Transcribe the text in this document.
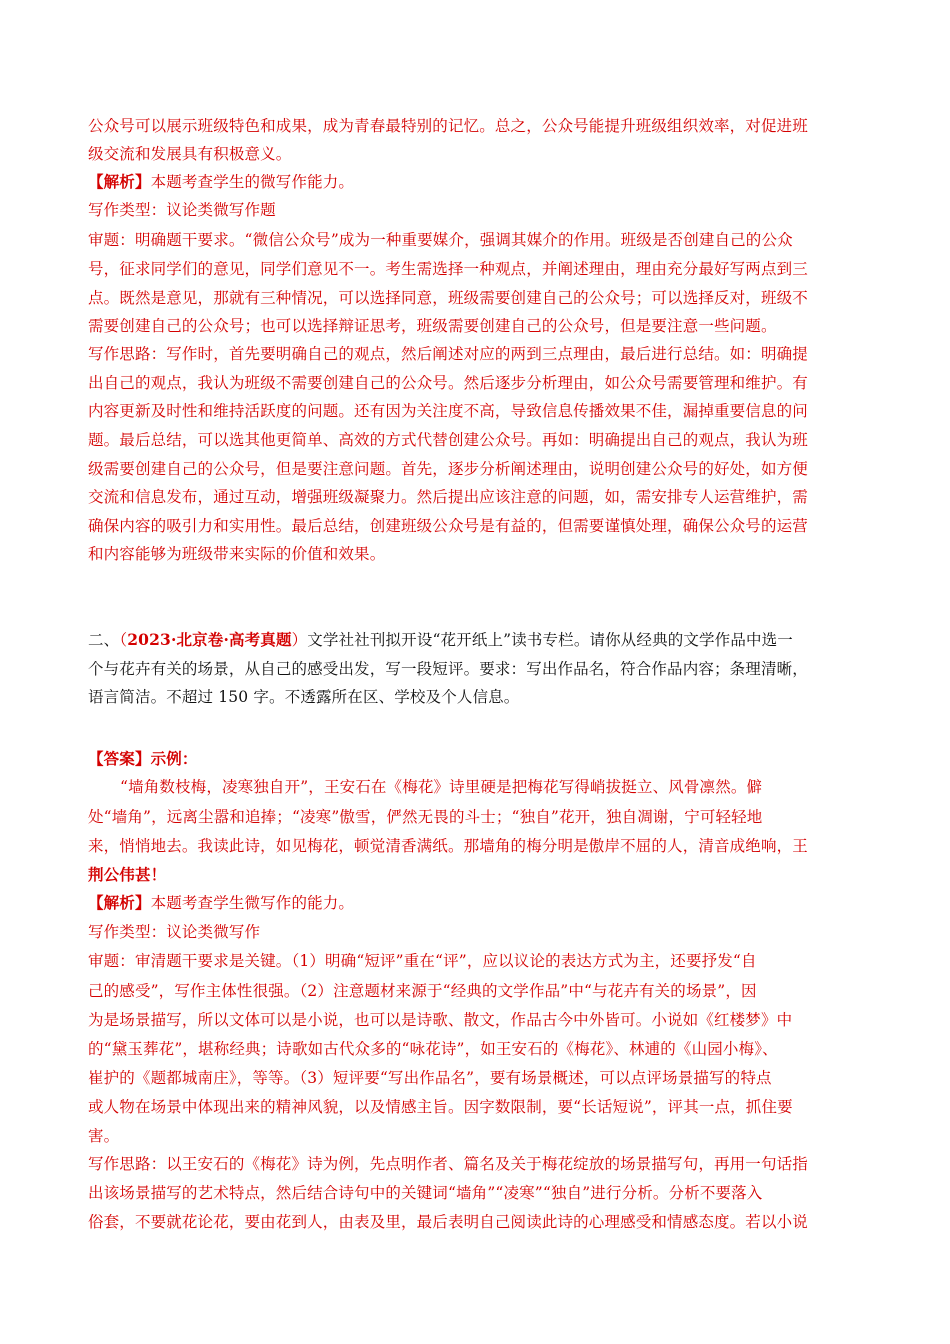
公众号可以展示班级特色和成果，成为青春最特别的记忆。总之，公众号能提升班级组织效率，对促进班
级交流和发展具有积极意义。
【解析】本题考查学生的微写作能力。
写作类型：议论类微写作题
审题：明确题干要求。“微信公众号”成为一种重要媒介，强调其媒介的作用。班级是否创建自己的公众
号，征求同学们的意见，同学们意见不一。考生需选择一种观点，并阐述理由，理由充分最好写两点到三
点。既然是意见，那就有三种情况，可以选择同意，班级需要创建自己的公众号；可以选择反对，班级不
需要创建自己的公众号；也可以选择辩证思考，班级需要创建自己的公众号，但是要注意一些问题。
写作思路：写作时，首先要明确自己的观点，然后阐述对应的两到三点理由，最后进行总结。如：明确提
出自己的观点，我认为班级不需要创建自己的公众号。然后逐步分析理由，如公众号需要管理和维护。有
内容更新及时性和维持活跃度的问题。还有因为关注度不高，导致信息传播效果不佳，漏掉重要信息的问
题。最后总结，可以选其他更简单、高效的方式代替创建公众号。再如：明确提出自己的观点，我认为班
级需要创建自己的公众号，但是要注意问题。首先，逐步分析阐述理由，说明创建公众号的好处，如方便
交流和信息发布，通过互动，增强班级凝聚力。然后提出应该注意的问题，如，需安排专人运营维护，需
确保内容的吸引力和实用性。最后总结，创建班级公众号是有益的，但需要谨慎处理，确保公众号的运营
和内容能够为班级带来实际的价值和效果。
二、（2023·北京卷·高考真题）文学社社刊拟开设“花开纸上”读书专栏。请你从经典的文学作品中选一
个与花卉有关的场景，从自己的感受出发，写一段短评。要求：写出作品名，符合作品内容；条理清晰，
语言简洁。不超过 150 字。不透露所在区、学校及个人信息。
【答案】示例：
“墙角数枝梅，凌寒独自开”，王安石在《梅花》诗里硬是把梅花写得峭拔挺立、风骨凛然。僻
处“墙角”，远离尘嚣和追捧；“凌寒”傲雪，俨然无畏的斗士；“独自”花开，独自凋谢，宁可轻轻地
来，悄悄地去。我读此诗，如见梅花，顿觉清香满纸。那墙角的梅分明是傲岸不屈的人，清音成绝响，王
荆公伟甚！
【解析】本题考查学生微写作的能力。
写作类型：议论类微写作
审题：审清题干要求是关键。（1）明确“短评”重在“评”，应以议论的表达方式为主，还要抒发“自
己的感受”，写作主体性很强。（2）注意题材来源于“经典的文学作品”中“与花卉有关的场景”，因
为是场景描写，所以文体可以是小说，也可以是诗歌、散文，作品古今中外皆可。小说如《红楼梦》中
的“黛玉葬花”，堪称经典；诗歌如古代众多的“咏花诗”，如王安石的《梅花》、林逋的《山园小梅》、
崔护的《题都城南庄》，等等。（3）短评要“写出作品名”，要有场景概述，可以点评场景描写的特点
或人物在场景中体现出来的精神风貌，以及情感主旨。因字数限制，要“长话短说”，评其一点，抓住要
害。
写作思路：以王安石的《梅花》诗为例，先点明作者、篇名及关于梅花绽放的场景描写句，再用一句话指
出该场景描写的艺术特点，然后结合诗句中的关键词“墙角”“凌寒”“独自”进行分析。分析不要落入
俗套，不要就花论花，要由花到人，由表及里，最后表明自己阅读此诗的心理感受和情感态度。若以小说
